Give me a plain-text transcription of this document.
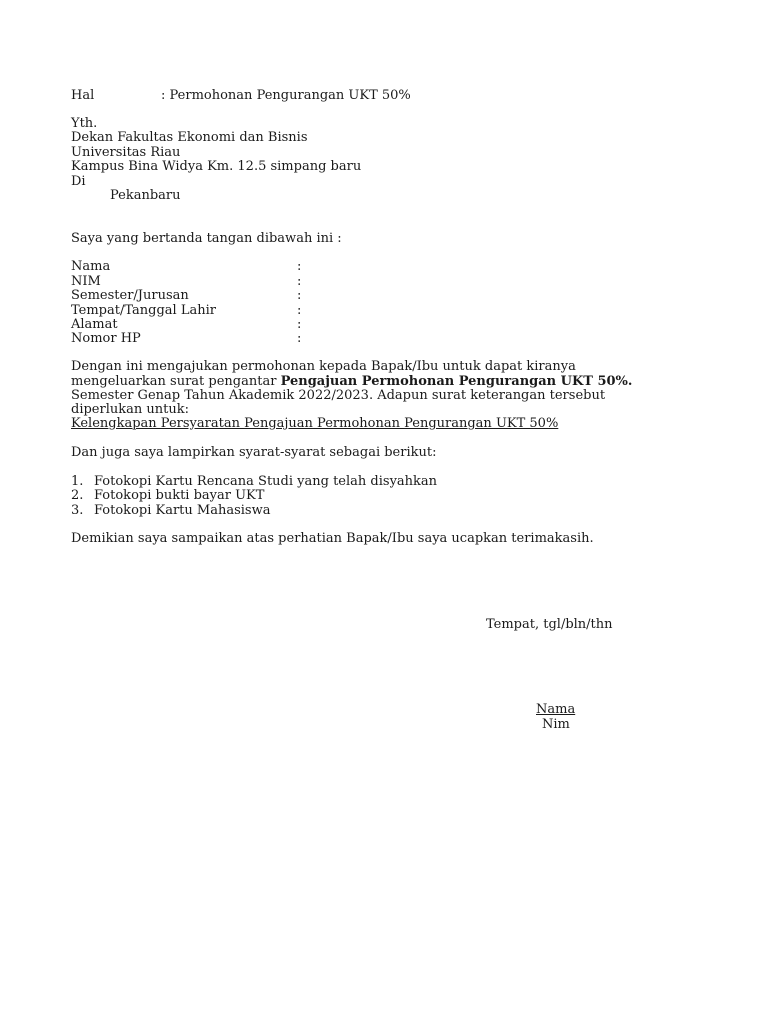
Hal	: Permohonan Pengurangan UKT 50%
Yth.
Dekan Fakultas Ekonomi dan Bisnis
Universitas Riau
Kampus Bina Widya Km. 12.5 simpang baru
Di
Pekanbaru
Saya yang bertanda tangan dibawah ini :
Nama	:
NIM	:
Semester/Jurusan	:
Tempat/Tanggal Lahir	:
Alamat	:
Nomor HP	:
Dengan ini mengajukan permohonan kepada Bapak/Ibu untuk dapat kiranya
mengeluarkan surat pengantar Pengajuan Permohonan Pengurangan UKT 50%.
Semester Genap Tahun Akademik 2022/2023. Adapun surat keterangan tersebut
diperlukan untuk:
Kelengkapan Persyaratan Pengajuan Permohonan Pengurangan UKT 50%
Dan juga saya lampirkan syarat-syarat sebagai berikut:
1. Fotokopi Kartu Rencana Studi yang telah disyahkan
2. Fotokopi bukti bayar UKT
3. Fotokopi Kartu Mahasiswa
Demikian saya sampaikan atas perhatian Bapak/Ibu saya ucapkan terimakasih.
Tempat, tgl/bln/thn
Nama
Nim
